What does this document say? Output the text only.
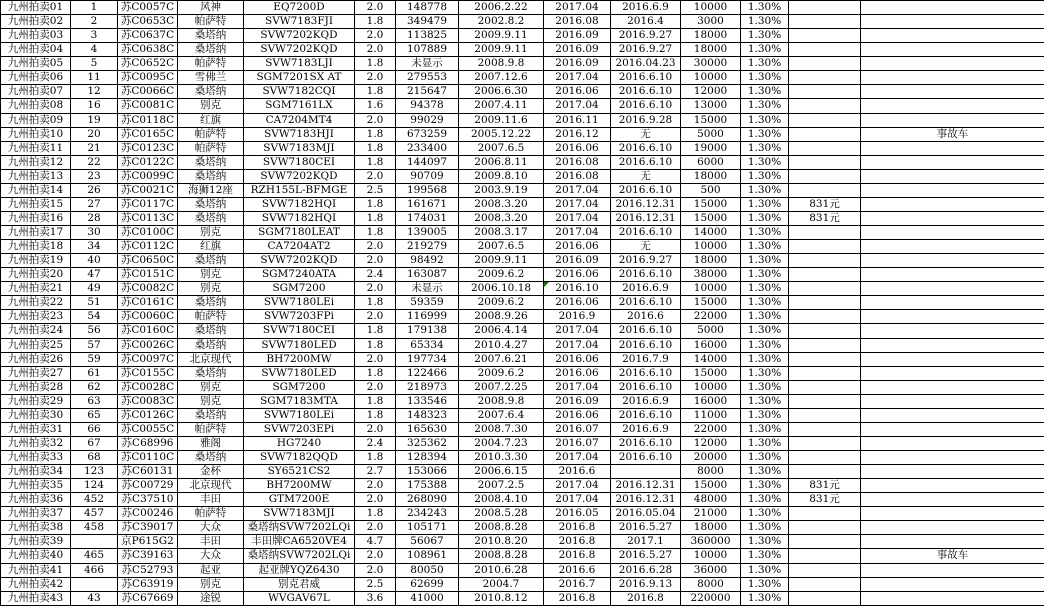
九州拍卖01	1	苏C0057C	风神	EQ7200D	2.0	148778	2006.2.22	2017.04	2016.6.9	10000	1.30%		
九州拍卖02	2	苏C0653C	帕萨特	SVW7183FJI	1.8	349479	2002.8.2	2016.08	2016.4	3000	1.30%		
九州拍卖03	3	苏C0637C	桑塔纳	SVW7202KQD	2.0	113825	2009.9.11	2016.09	2016.9.27	18000	1.30%		
九州拍卖04	4	苏C0638C	桑塔纳	SVW7202KQD	2.0	107889	2009.9.11	2016.09	2016.9.27	18000	1.30%		
九州拍卖05	5	苏C0652C	帕萨特	SVW7183LJI	1.8	未显示	2008.9.8	2016.09	2016.04.23	30000	1.30%		
九州拍卖06	11	苏C0095C	雪佛兰	SGM7201SX AT	2.0	279553	2007.12.6	2017.04	2016.6.10	10000	1.30%		
九州拍卖07	12	苏C0066C	桑塔纳	SVW7182CQI	1.8	215647	2006.6.30	2016.06	2016.6.10	12000	1.30%		
九州拍卖08	16	苏C0081C	别克	SGM7161LX	1.6	94378	2007.4.11	2017.04	2016.6.10	13000	1.30%		
九州拍卖09	19	苏C0118C	红旗	CA7204MT4	2.0	99029	2009.11.6	2016.11	2016.9.28	15000	1.30%		
九州拍卖10	20	苏C0165C	帕萨特	SVW7183HJI	1.8	673259	2005.12.22	2016.12	无	5000	1.30%		事故车
九州拍卖11	21	苏C0123C	帕萨特	SVW7183MJI	1.8	233400	2007.6.5	2016.06	2016.6.10	19000	1.30%		
九州拍卖12	22	苏C0122C	桑塔纳	SVW7180CEI	1.8	144097	2006.8.11	2016.08	2016.6.10	6000	1.30%		
九州拍卖13	23	苏C0099C	桑塔纳	SVW7202KQD	2.0	90709	2009.8.10	2016.08	无	18000	1.30%		
九州拍卖14	26	苏C0021C	海狮12座	RZH155L-BFMGE	2.5	199568	2003.9.19	2017.04	2016.6.10	500	1.30%		
九州拍卖15	27	苏C0117C	桑塔纳	SVW7182HQI	1.8	161671	2008.3.20	2017.04	2016.12.31	15000	1.30%	831元	
九州拍卖16	28	苏C0113C	桑塔纳	SVW7182HQI	1.8	174031	2008.3.20	2017.04	2016.12.31	15000	1.30%	831元	
九州拍卖17	30	苏C0100C	别克	SGM7180LEAT	1.8	139005	2008.3.17	2017.04	2016.6.10	14000	1.30%		
九州拍卖18	34	苏C0112C	红旗	CA7204AT2	2.0	219279	2007.6.5	2016.06	无	10000	1.30%		
九州拍卖19	40	苏C0650C	桑塔纳	SVW7202KQD	2.0	98492	2009.9.11	2016.09	2016.9.27	18000	1.30%		
九州拍卖20	47	苏C0151C	别克	SGM7240ATA	2.4	163087	2009.6.2	2016.06	2016.6.10	38000	1.30%		
九州拍卖21	49	苏C0082C	别克	SGM7200	2.0	未显示	2006.10.18	2016.10	2016.6.9	10000	1.30%		
九州拍卖22	51	苏C0161C	桑塔纳	SVW7180LEi	1.8	59359	2009.6.2	2016.06	2016.6.10	15000	1.30%		
九州拍卖23	54	苏C0060C	帕萨特	SVW7203FPi	2.0	116999	2008.9.26	2016.9	2016.6	22000	1.30%		
九州拍卖24	56	苏C0160C	桑塔纳	SVW7180CEI	1.8	179138	2006.4.14	2017.04	2016.6.10	5000	1.30%		
九州拍卖25	57	苏C0026C	桑塔纳	SVW7180LED	1.8	65334	2010.4.27	2017.04	2016.6.10	16000	1.30%		
九州拍卖26	59	苏C0097C	北京现代	BH7200MW	2.0	197734	2007.6.21	2016.06	2016.7.9	14000	1.30%		
九州拍卖27	61	苏C0155C	桑塔纳	SVW7180LED	1.8	122466	2009.6.2	2016.06	2016.6.10	15000	1.30%		
九州拍卖28	62	苏C0028C	别克	SGM7200	2.0	218973	2007.2.25	2017.04	2016.6.10	10000	1.30%		
九州拍卖29	63	苏C0083C	别克	SGM7183MTA	1.8	133546	2008.9.8	2016.09	2016.6.9	16000	1.30%		
九州拍卖30	65	苏C0126C	桑塔纳	SVW7180LEi	1.8	148323	2007.6.4	2016.06	2016.6.10	11000	1.30%		
九州拍卖31	66	苏C0055C	帕萨特	SVW7203EPi	2.0	165630	2008.7.30	2016.07	2016.6.9	22000	1.30%		
九州拍卖32	67	苏C68996	雅阁	HG7240	2.4	325362	2004.7.23	2016.07	2016.6.10	12000	1.30%		
九州拍卖33	68	苏C0110C	桑塔纳	SVW7182QQD	1.8	128394	2010.3.30	2017.04	2016.6.10	20000	1.30%		
九州拍卖34	123	苏C60131	金杯	SY6521CS2	2.7	153066	2006.6.15	2016.6		8000	1.30%		
九州拍卖35	124	苏C00729	北京现代	BH7200MW	2.0	175388	2007.2.5	2017.04	2016.12.31	15000	1.30%	831元	
九州拍卖36	452	苏C37510	丰田	GTM7200E	2.0	268090	2008.4.10	2017.04	2016.12.31	48000	1.30%	831元	
九州拍卖37	457	苏C00246	帕萨特	SVW7183MJI	1.8	234243	2008.5.28	2016.05	2016.05.04	21000	1.30%		
九州拍卖38	458	苏C39017	大众	桑塔纳SVW7202LQi	2.0	105171	2008.8.28	2016.8	2016.5.27	18000	1.30%		
九州拍卖39		京P615G2	丰田	丰田牌CA6520VE4	4.7	56067	2010.8.20	2016.8	2017.1	360000	1.30%		
九州拍卖40	465	苏C39163	大众	桑塔纳SVW7202LQi	2.0	108961	2008.8.28	2016.8	2016.5.27	10000	1.30%		事故车
九州拍卖41	466	苏C52793	起亚	起亚牌YQZ6430	2.0	80050	2010.6.28	2016.6	2016.6.28	36000	1.30%		
九州拍卖42		苏C63919	别克	别克君威	2.5	62699	2004.7	2016.7	2016.9.13	8000	1.30%		
九州拍卖43	43	苏C67669	途锐	WVGAV67L	3.6	41000	2010.8.12	2016.8	2016.8	220000	1.30%		
